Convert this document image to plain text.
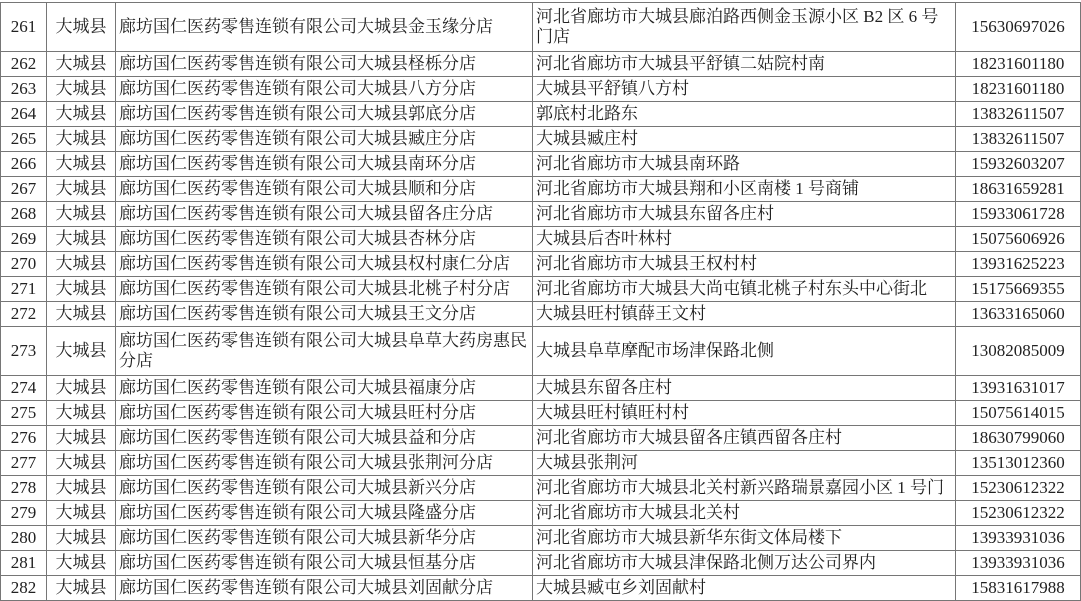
261	大城县	廊坊国仁医药零售连锁有限公司大城县金玉缘分店	河北省廊坊市大城县廊泊路西侧金玉源小区 B2 区 6 号门店	15630697026
262	大城县	廊坊国仁医药零售连锁有限公司大城县柽栎分店	河北省廊坊市大城县平舒镇二姑院村南	18231601180
263	大城县	廊坊国仁医药零售连锁有限公司大城县八方分店	大城县平舒镇八方村	18231601180
264	大城县	廊坊国仁医药零售连锁有限公司大城县郭底分店	郭底村北路东	13832611507
265	大城县	廊坊国仁医药零售连锁有限公司大城县臧庄分店	大城县臧庄村	13832611507
266	大城县	廊坊国仁医药零售连锁有限公司大城县南环分店	河北省廊坊市大城县南环路	15932603207
267	大城县	廊坊国仁医药零售连锁有限公司大城县顺和分店	河北省廊坊市大城县翔和小区南楼 1 号商铺	18631659281
268	大城县	廊坊国仁医药零售连锁有限公司大城县留各庄分店	河北省廊坊市大城县东留各庄村	15933061728
269	大城县	廊坊国仁医药零售连锁有限公司大城县杏林分店	大城县后杏叶林村	15075606926
270	大城县	廊坊国仁医药零售连锁有限公司大城县权村康仁分店	河北省廊坊市大城县王权村村	13931625223
271	大城县	廊坊国仁医药零售连锁有限公司大城县北桃子村分店	河北省廊坊市大城县大尚屯镇北桃子村东头中心街北	15175669355
272	大城县	廊坊国仁医药零售连锁有限公司大城县王文分店	大城县旺村镇薛王文村	13633165060
273	大城县	廊坊国仁医药零售连锁有限公司大城县阜草大药房惠民分店	大城县阜草摩配市场津保路北侧	13082085009
274	大城县	廊坊国仁医药零售连锁有限公司大城县福康分店	大城县东留各庄村	13931631017
275	大城县	廊坊国仁医药零售连锁有限公司大城县旺村分店	大城县旺村镇旺村村	15075614015
276	大城县	廊坊国仁医药零售连锁有限公司大城县益和分店	河北省廊坊市大城县留各庄镇西留各庄村	18630799060
277	大城县	廊坊国仁医药零售连锁有限公司大城县张荆河分店	大城县张荆河	13513012360
278	大城县	廊坊国仁医药零售连锁有限公司大城县新兴分店	河北省廊坊市大城县北关村新兴路瑞景嘉园小区 1 号门	15230612322
279	大城县	廊坊国仁医药零售连锁有限公司大城县隆盛分店	河北省廊坊市大城县北关村	15230612322
280	大城县	廊坊国仁医药零售连锁有限公司大城县新华分店	河北省廊坊市大城县新华东街文体局楼下	13933931036
281	大城县	廊坊国仁医药零售连锁有限公司大城县恒基分店	河北省廊坊市大城县津保路北侧万达公司界内	13933931036
282	大城县	廊坊国仁医药零售连锁有限公司大城县刘固献分店	大城县臧屯乡刘固献村	15831617988
